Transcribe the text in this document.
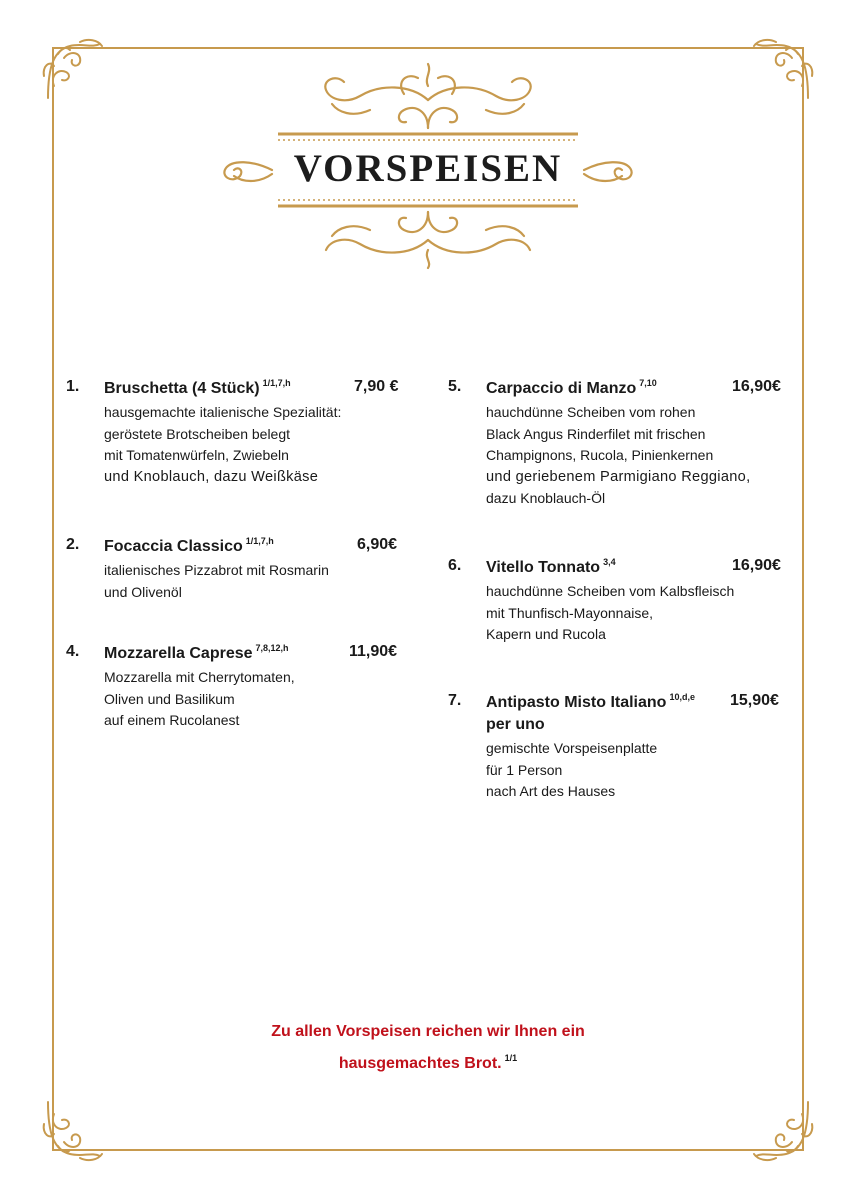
VORSPEISEN
1. Bruschetta (4 Stück) $^{1/1,7,h}$	7,90 €
hausgemachte italienische Spezialität:
geröstete Brotscheiben belegt
mit Tomatenwürfeln, Zwiebeln
und Knoblauch, dazu Weißkäse
2. Focaccia Classico $^{1/1,7,h}$	6,90€
italienisches Pizzabrot mit Rosmarin
und Olivenöl
4. Mozzarella Caprese $^{7,8,12,h}$	11,90€
Mozzarella mit Cherrytomaten,
Oliven und Basilikum
auf einem Rucolanest
5. Carpaccio di Manzo $^{7,10}$	16,90€
hauchdünne Scheiben vom rohen
Black Angus Rinderfilet mit frischen
Champignons, Rucola, Pinienkernen
und geriebenem Parmigiano Reggiano,
dazu Knoblauch-Öl
6. Vitello Tonnato $^{3,4}$	16,90€
hauchdünne Scheiben vom Kalbsfleisch
mit Thunfisch-Mayonnaise,
Kapern und Rucola
7. Antipasto Misto Italiano $^{10,d,e}$ 15,90€
per uno
gemischte Vorspeisenplatte
für 1 Person
nach Art des Hauses
Zu allen Vorspeisen reichen wir Ihnen ein
hausgemachtes Brot. $^{1/1}$
